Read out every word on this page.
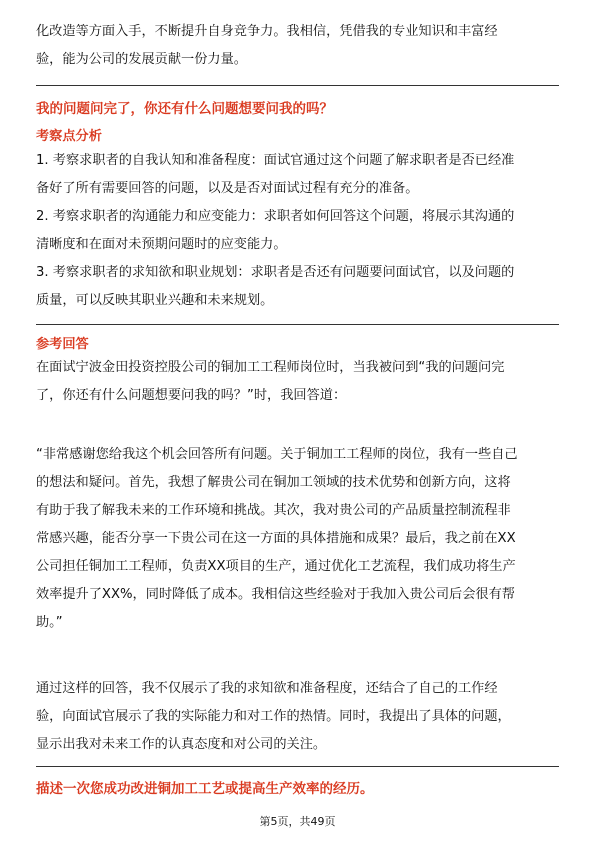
化改造等方面入手，不断提升自身竞争力。我相信，凭借我的专业知识和丰富经
验，能为公司的发展贡献一份力量。
我的问题问完了，你还有什么问题想要问我的吗？
考察点分析
1. 考察求职者的自我认知和准备程度：面试官通过这个问题了解求职者是否已经准
备好了所有需要回答的问题，以及是否对面试过程有充分的准备。
2. 考察求职者的沟通能力和应变能力：求职者如何回答这个问题，将展示其沟通的
清晰度和在面对未预期问题时的应变能力。
3. 考察求职者的求知欲和职业规划：求职者是否还有问题要问面试官，以及问题的
质量，可以反映其职业兴趣和未来规划。
参考回答
在面试宁波金田投资控股公司的铜加工工程师岗位时，当我被问到“我的问题问完
了，你还有什么问题想要问我的吗？”时，我回答道：
“非常感谢您给我这个机会回答所有问题。关于铜加工工程师的岗位，我有一些自己
的想法和疑问。首先，我想了解贵公司在铜加工领域的技术优势和创新方向，这将
有助于我了解我未来的工作环境和挑战。其次，我对贵公司的产品质量控制流程非
常感兴趣，能否分享一下贵公司在这一方面的具体措施和成果？最后，我之前在XX
公司担任铜加工工程师，负责XX项目的生产，通过优化工艺流程，我们成功将生产
效率提升了XX%，同时降低了成本。我相信这些经验对于我加入贵公司后会很有帮
助。”
通过这样的回答，我不仅展示了我的求知欲和准备程度，还结合了自己的工作经
验，向面试官展示了我的实际能力和对工作的热情。同时，我提出了具体的问题，
显示出我对未来工作的认真态度和对公司的关注。
描述一次您成功改进铜加工工艺或提高生产效率的经历。
第5页，共49页
